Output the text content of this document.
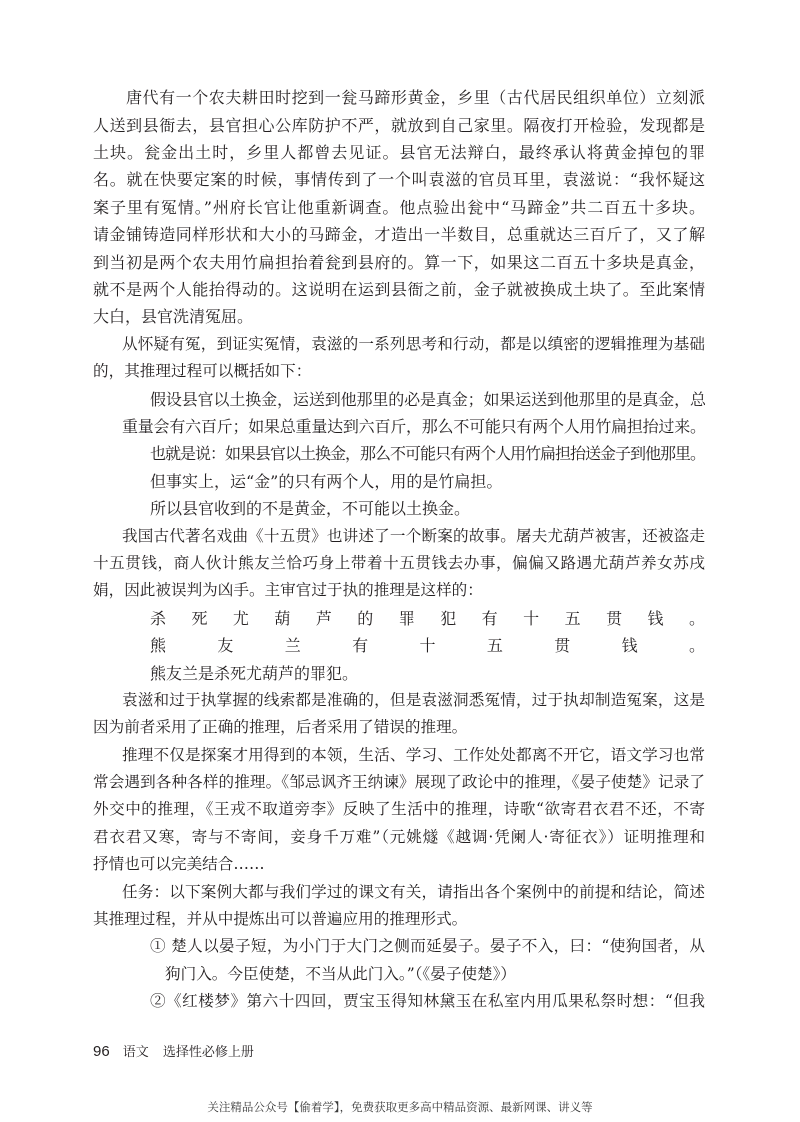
唐代有一个农夫耕田时挖到一瓮马蹄形黄金，乡里（古代居民组织单位）立刻派
人送到县衙去，县官担心公库防护不严，就放到自己家里。隔夜打开检验，发现都是
土块。瓮金出土时，乡里人都曾去见证。县官无法辩白，最终承认将黄金掉包的罪
名。就在快要定案的时候，事情传到了一个叫袁滋的官员耳里，袁滋说：“我怀疑这
案子里有冤情。”州府长官让他重新调查。他点验出瓮中“马蹄金”共二百五十多块。
请金铺铸造同样形状和大小的马蹄金，才造出一半数目，总重就达三百斤了，又了解
到当初是两个农夫用竹扁担抬着瓮到县府的。算一下，如果这二百五十多块是真金，
就不是两个人能抬得动的。这说明在运到县衙之前，金子就被换成土块了。至此案情
大白，县官洗清冤屈。
从怀疑有冤，到证实冤情，袁滋的一系列思考和行动，都是以缜密的逻辑推理为基础
的，其推理过程可以概括如下：
假设县官以土换金，运送到他那里的必是真金；如果运送到他那里的是真金，总
重量会有六百斤；如果总重量达到六百斤，那么不可能只有两个人用竹扁担抬过来。
也就是说：如果县官以土换金，那么不可能只有两个人用竹扁担抬送金子到他那里。
但事实上，运“金”的只有两个人，用的是竹扁担。
所以县官收到的不是黄金，不可能以土换金。
我国古代著名戏曲《十五贯》也讲述了一个断案的故事。屠夫尤葫芦被害，还被盗走
十五贯钱，商人伙计熊友兰恰巧身上带着十五贯钱去办事，偏偏又路遇尤葫芦养女苏戌
娟，因此被误判为凶手。主审官过于执的推理是这样的：
杀死尤葫芦的罪犯有十五贯钱。
熊友兰有十五贯钱。
熊友兰是杀死尤葫芦的罪犯。
袁滋和过于执掌握的线索都是准确的，但是袁滋洞悉冤情，过于执却制造冤案，这是
因为前者采用了正确的推理，后者采用了错误的推理。
推理不仅是探案才用得到的本领，生活、学习、工作处处都离不开它，语文学习也常
常会遇到各种各样的推理。《邹忌讽齐王纳谏》展现了政论中的推理，《晏子使楚》记录了
外交中的推理，《王戎不取道旁李》反映了生活中的推理，诗歌“欲寄君衣君不还，不寄
君衣君又寒，寄与不寄间，妾身千万难”（元姚燧《越调·凭阑人·寄征衣》）证明推理和
抒情也可以完美结合……
任务：以下案例大都与我们学过的课文有关，请指出各个案例中的前提和结论，简述
其推理过程，并从中提炼出可以普遍应用的推理形式。
① 楚人以晏子短，为小门于大门之侧而延晏子。晏子不入，曰：“使狗国者，从
狗门入。今臣使楚，不当从此门入。”（《晏子使楚》）
②《红楼梦》第六十四回，贾宝玉得知林黛玉在私室内用瓜果私祭时想：“但我
96 语文 选择性必修上册
关注精品公众号【偷着学】，免费获取更多高中精品资源、最新网课、讲义等
